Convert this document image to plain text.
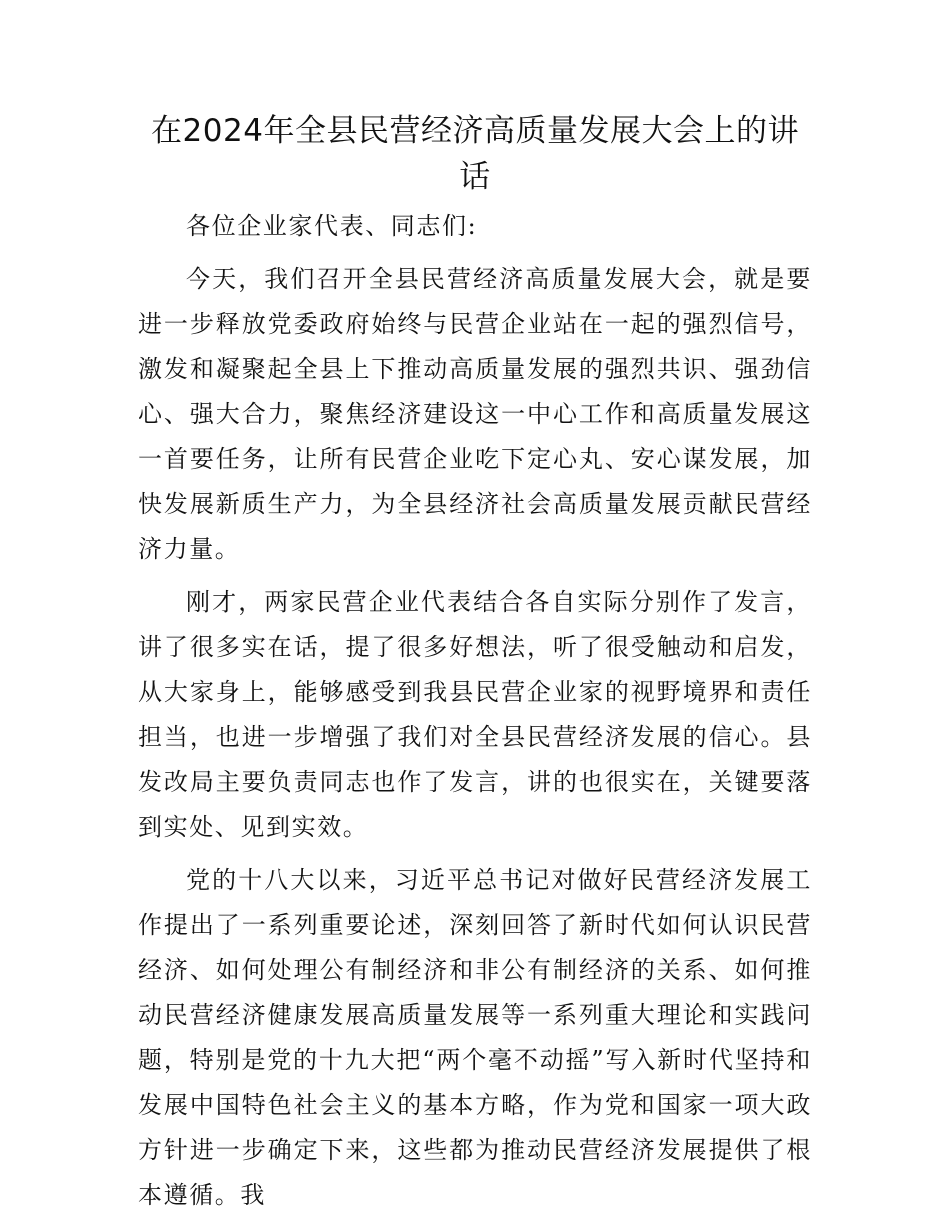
在2024年全县民营经济高质量发展大会上的讲话

各位企业家代表、同志们:

今天，我们召开全县民营经济高质量发展大会，就是要进一步释放党委政府始终与民营企业站在一起的强烈信号，激发和凝聚起全县上下推动高质量发展的强烈共识、强劲信心、强大合力，聚焦经济建设这一中心工作和高质量发展这一首要任务，让所有民营企业吃下定心丸、安心谋发展，加快发展新质生产力，为全县经济社会高质量发展贡献民营经济力量。

刚才，两家民营企业代表结合各自实际分别作了发言，讲了很多实在话，提了很多好想法，听了很受触动和启发，从大家身上，能够感受到我县民营企业家的视野境界和责任担当，也进一步增强了我们对全县民营经济发展的信心。县发改局主要负责同志也作了发言，讲的也很实在，关键要落到实处、见到实效。

党的十八大以来，习近平总书记对做好民营经济发展工作提出了一系列重要论述，深刻回答了新时代如何认识民营经济、如何处理公有制经济和非公有制经济的关系、如何推动民营经济健康发展高质量发展等一系列重大理论和实践问题，特别是党的十九大把“两个毫不动摇”写入新时代坚持和发展中国特色社会主义的基本方略，作为党和国家一项大政方针进一步确定下来，这些都为推动民营经济发展提供了根本遵循。我
